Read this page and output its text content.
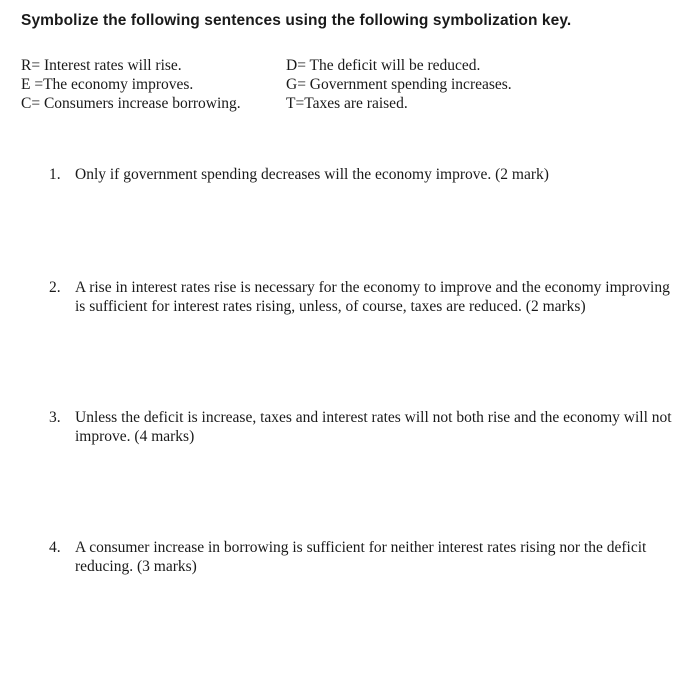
Symbolize the following sentences using the following symbolization key.
R= Interest rates will rise.
E =The economy improves.
C= Consumers increase borrowing.
D= The deficit will be reduced.
G= Government spending increases.
T=Taxes are raised.
1. Only if government spending decreases will the economy improve. (2 mark)
2. A rise in interest rates rise is necessary for the economy to improve and the economy improving is sufficient for interest rates rising, unless, of course, taxes are reduced. (2 marks)
3. Unless the deficit is increase, taxes and interest rates will not both rise and the economy will not improve. (4 marks)
4. A consumer increase in borrowing is sufficient for neither interest rates rising nor the deficit reducing. (3 marks)
